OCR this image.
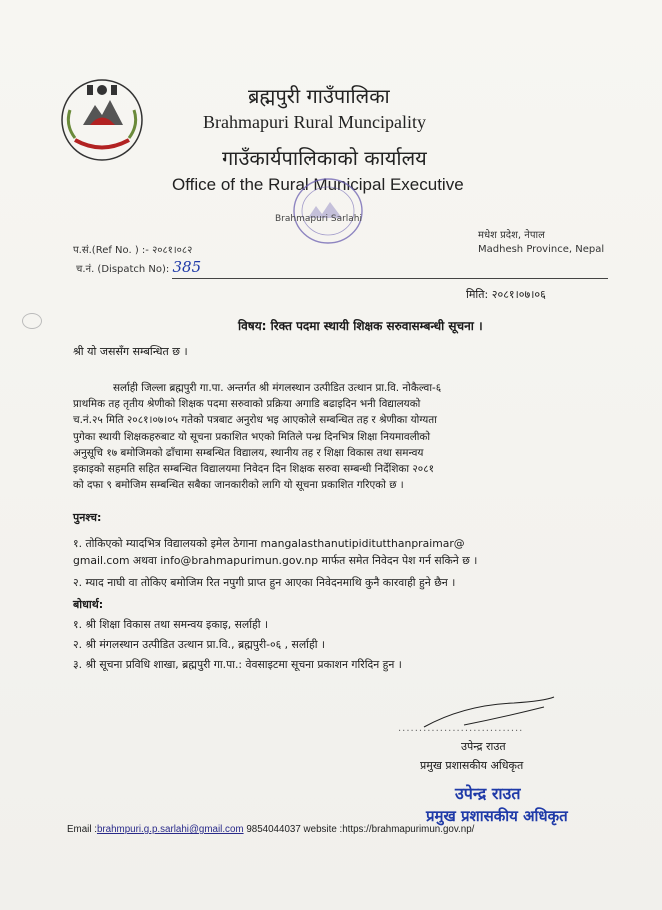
ब्रह्मपुरी गाउँपालिका
Brahmapuri Rural Muncipality
गाउँकार्यपालिकाको कार्यालय
Office of the Rural Municipal Executive
Brahmapuri Sarlahi
प.सं.(Ref No. ) :- २०८१।०८२
च.नं. (Dispatch No): 385
मधेश प्रदेश, नेपाल
Madhesh Province, Nepal
मिति: २०८१।०७।०६
विषय: रिक्त पदमा स्थायी शिक्षक सरुवासम्बन्धी सूचना ।
श्री यो जससँग सम्बन्धित छ ।
सर्लाही जिल्ला ब्रह्मपुरी गा.पा. अन्तर्गत श्री मंगलस्थान उत्पीडित उत्थान प्रा.वि. नोकैल्वा-६
प्राथमिक तह तृतीय श्रेणीको शिक्षक पदमा सरुवाको प्रक्रिया अगाडि बढाइदिन भनी विद्यालयको
च.नं.२५ मिति २०८१।०७।०५ गतेको पत्रबाट अनुरोध भइ आएकोले सम्बन्धित तह र श्रेणीका योग्यता
पुगेका स्थायी शिक्षकहरुबाट यो सूचना प्रकाशित भएको मितिले पन्ध्र दिनभित्र शिक्षा नियमावलीको
अनुसूचि १७ बमोजिमको ढाँचामा सम्बन्धित विद्यालय, स्थानीय तह र शिक्षा विकास तथा समन्वय
इकाइको सहमति सहित सम्बन्धित विद्यालयमा निवेदन दिन शिक्षक सरुवा सम्बन्धी निर्देशिका २०८१
को दफा ९ बमोजिम सम्बन्धित सबैका जानकारीको लागि यो सूचना प्रकाशित गरिएको छ ।
पुनश्च:
१. तोकिएको म्यादभित्र विद्यालयको इमेल ठेगाना mangalasthanutipiditutthanpraimar@
gmail.com अथवा info@brahmapurimun.gov.np मार्फत समेत निवेदन पेश गर्न सकिने छ ।
२. म्याद नाघी वा तोकिए बमोजिम रित नपुगी प्राप्त हुन आएका निवेदनमाथि कुनै कारवाही हुने छैन ।
बोधार्थ:
१. श्री शिक्षा विकास तथा समन्वय इकाइ, सर्लाही ।
२. श्री मंगलस्थान उत्पीडित उत्थान प्रा.वि., ब्रह्मपुरी-०६ , सर्लाही ।
३. श्री सूचना प्रविधि शाखा, ब्रह्मपुरी गा.पा.: वेवसाइटमा सूचना प्रकाशन गरिदिन हुन ।
..............................
उपेन्द्र राउत
प्रमुख प्रशासकीय अधिकृत
उपेन्द्र राउत
प्रमुख प्रशासकीय अधिकृत
Email :brahmpuri.g.p.sarlahi@gmail.com 9854044037 website :https://brahmapurimun.gov.np/
